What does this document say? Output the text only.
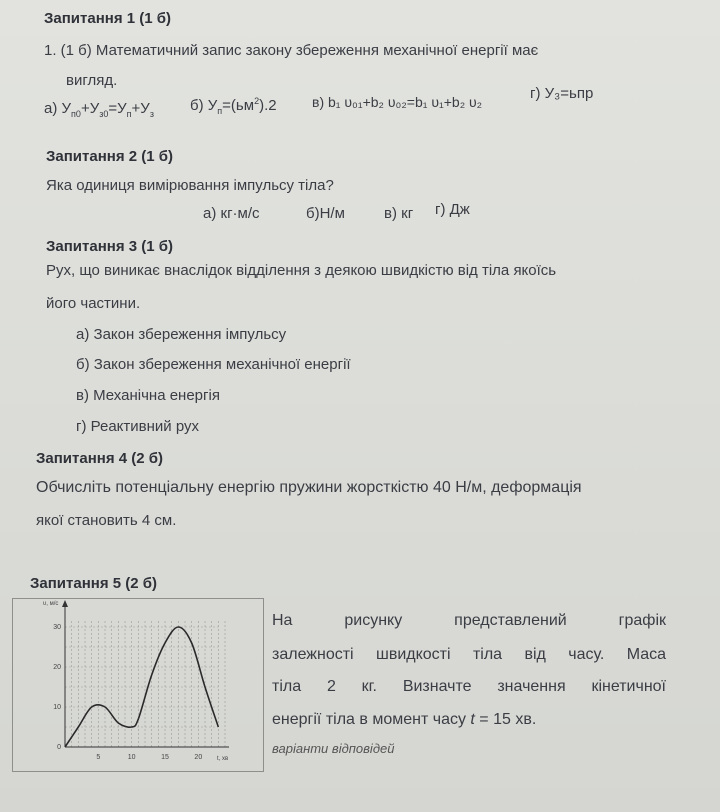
Запитання 1 (1 б)
1. (1 б) Математичний запис закону збереження механічної енергії має
вигляд.
а) $У_{п0}+У_{з0}=У_п+У_з$ б) $У_п=(ьм^2).2$	в) b₁ υ₀₁+b₂ υ₀₂=b₁ υ₁+b₂ υ₂	г) У₃=ьпр
Запитання 2 (1 б)
Яка одиниця вимірювання імпульсу тіла?
а) кг·м/с	б)Н/м	в) кг г) Дж
Запитання 3 (1 б)
Рух, що виникає внаслідок відділення з деякою швидкістю від тіла якоїсь
його частини.
а) Закон збереження імпульсу
б) Закон збереження механічної енергії
в) Механічна енергія
г) Реактивний рух
Запитання 4 (2 б)
Обчисліть потенціальну енергію пружини жорсткістю 40 Н/м, деформація
якої становить 4 см.
Запитання 5 (2 б)
На рисунку представлений графік
залежності швидкості тіла від часу. Маса
тіла 2 кг. Визначте значення кінетичної
енергії тіла в момент часу t = 15 хв.
варіанти відповідей
5	10	15	20
10
20
30
0
υ, м/с
t, хв
